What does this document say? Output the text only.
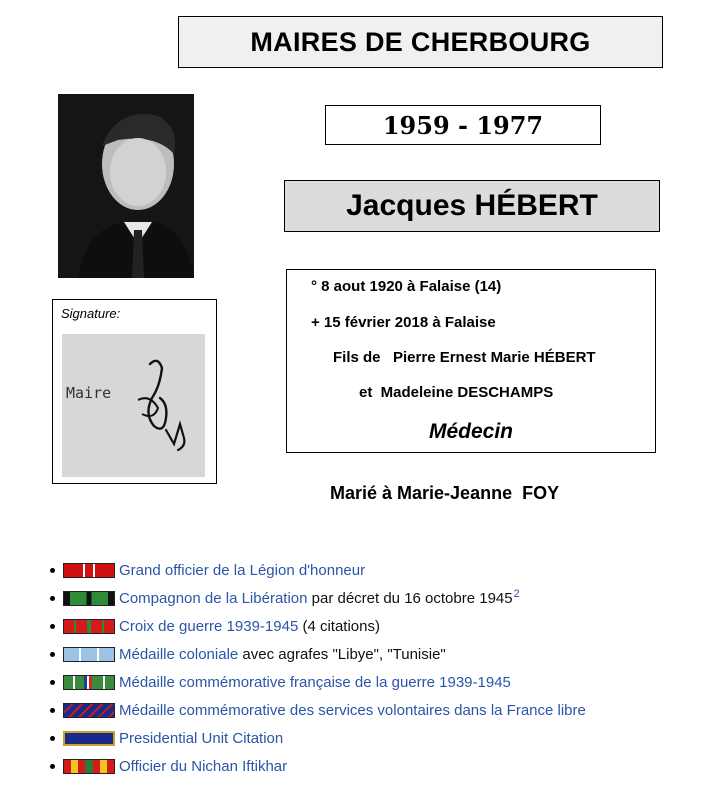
MAIRES DE CHERBOURG
1959 - 1977
Jacques HÉBERT
Signature:
Maire
° 8 aout 1920 à Falaise (14)
+ 15 février 2018 à Falaise
Fils de   Pierre Ernest Marie HÉBERT
et  Madeleine DESCHAMPS
Médecin
Marié à Marie-Jeanne  FOY
Grand officier de la Légion d'honneur
Compagnon de la Libération par décret du 16 octobre 1945$^2$
Croix de guerre 1939-1945 (4 citations)
Médaille coloniale avec agrafes "Libye", "Tunisie"
Médaille commémorative française de la guerre 1939-1945
Médaille commémorative des services volontaires dans la France libre
Presidential Unit Citation
Officier du Nichan Iftikhar
